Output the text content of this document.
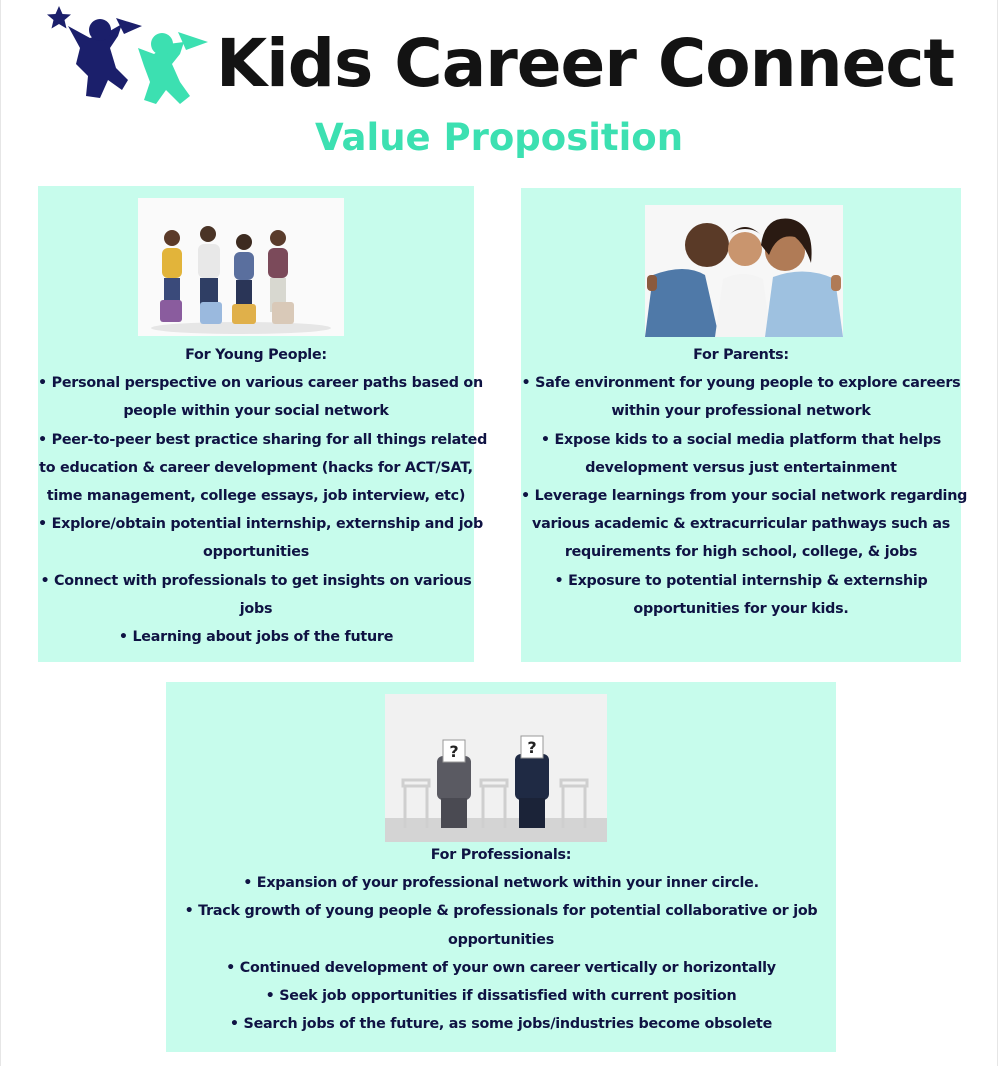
Kids Career Connect
Value Proposition
For Young People:
• Personal perspective on various career paths based on
people within your social network
• Peer-to-peer best practice sharing for all things related
to education & career development (hacks for ACT/SAT,
time management, college essays, job interview, etc)
• Explore/obtain potential internship, externship and job
opportunities
• Connect with professionals to get insights on various
jobs
• Learning about jobs of the future
For Parents:
• Safe environment for young people to explore careers
within your professional network
• Expose kids to a social media platform that helps
development versus just entertainment
• Leverage learnings from your social network regarding
various academic & extracurricular pathways such as
requirements for high school, college, & jobs
• Exposure to potential internship & externship
opportunities for your kids.
?	?
For Professionals:
• Expansion of your professional network within your inner circle.
• Track growth of young people & professionals for potential collaborative or job
opportunities
• Continued development of your own career vertically or horizontally
• Seek job opportunities if dissatisfied with current position
• Search jobs of the future, as some jobs/industries become obsolete
